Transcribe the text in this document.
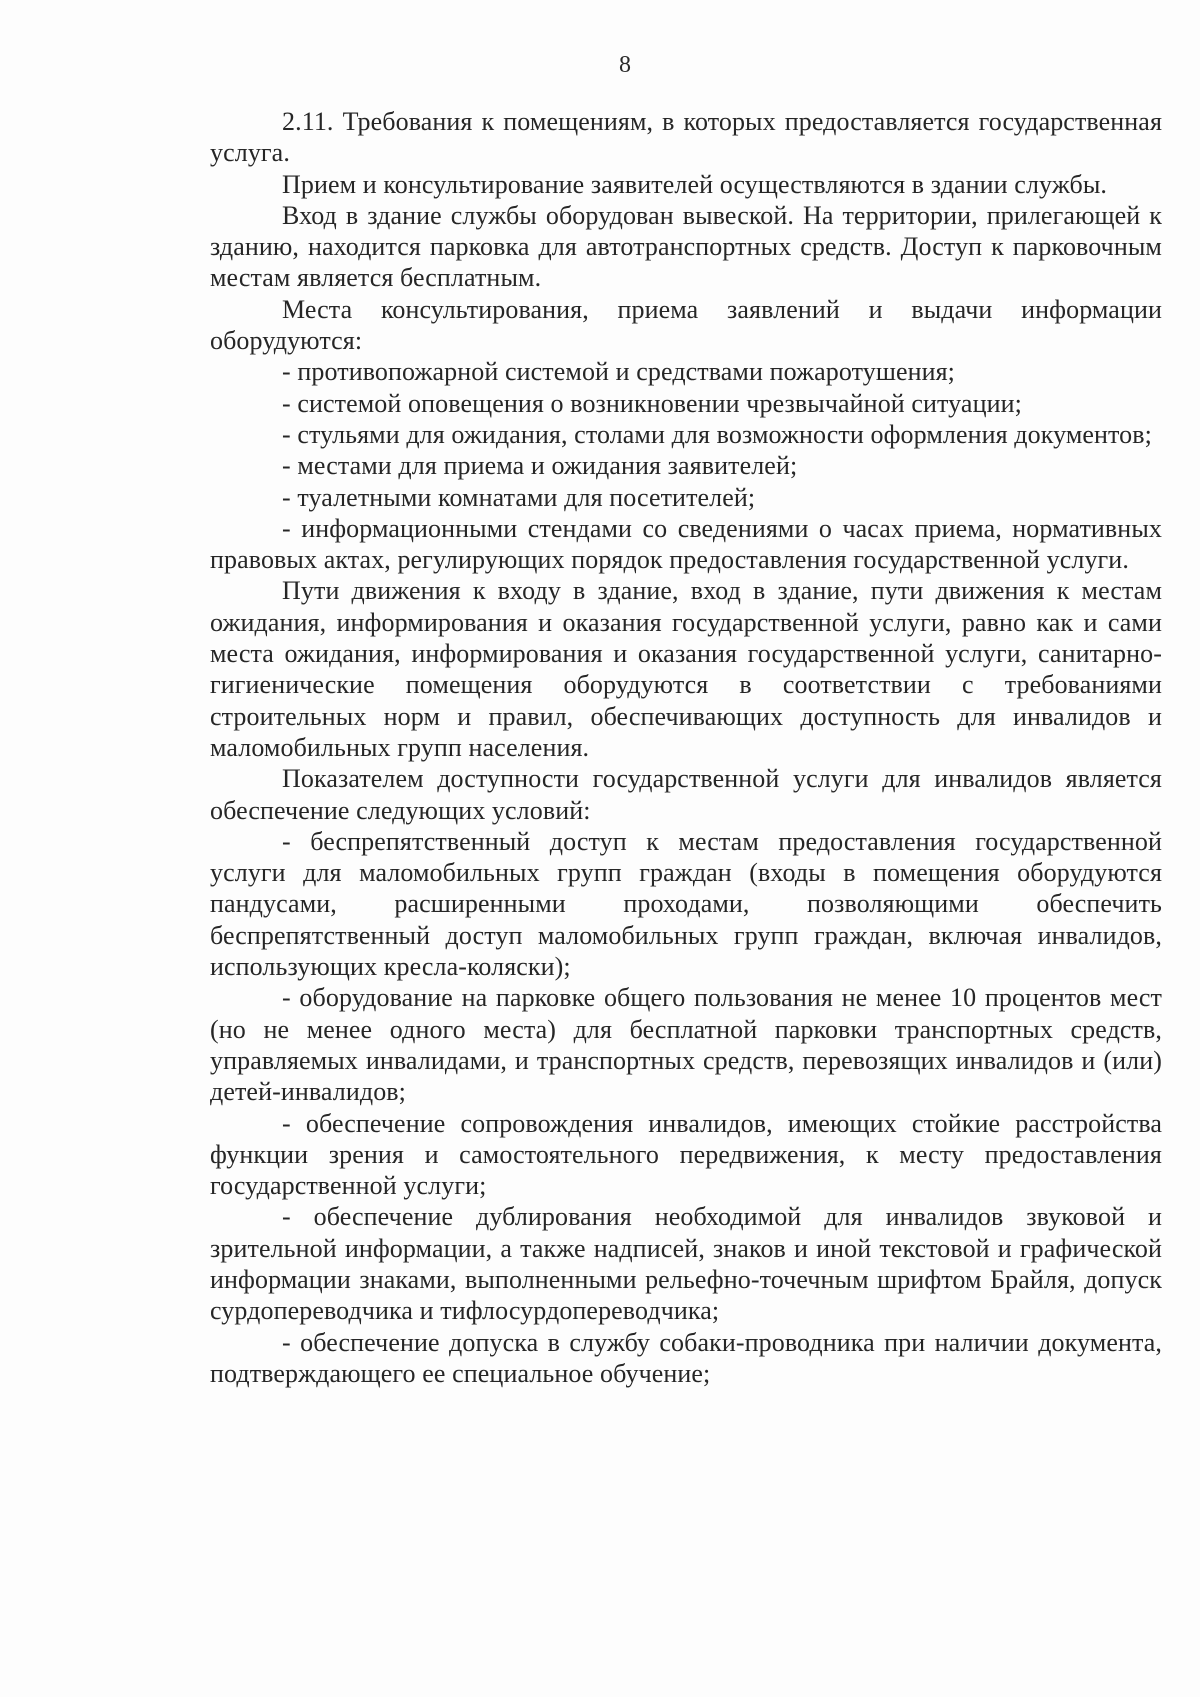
8

2.11. Требования к помещениям, в которых предоставляется государственная услуга.

Прием и консультирование заявителей осуществляются в здании службы.

Вход в здание службы оборудован вывеской. На территории, прилегающей к зданию, находится парковка для автотранспортных средств. Доступ к парковочным местам является бесплатным.

Места консультирования, приема заявлений и выдачи информации оборудуются:

- противопожарной системой и средствами пожаротушения;

- системой оповещения о возникновении чрезвычайной ситуации;

- стульями для ожидания, столами для возможности оформления документов;

- местами для приема и ожидания заявителей;

- туалетными комнатами для посетителей;

- информационными стендами со сведениями о часах приема, нормативных правовых актах, регулирующих порядок предоставления государственной услуги.

Пути движения к входу в здание, вход в здание, пути движения к местам ожидания, информирования и оказания государственной услуги, равно как и сами места ожидания, информирования и оказания государственной услуги, санитарно-гигиенические помещения оборудуются в соответствии с требованиями строительных норм и правил, обеспечивающих доступность для инвалидов и маломобильных групп населения.

Показателем доступности государственной услуги для инвалидов является обеспечение следующих условий:

- беспрепятственный доступ к местам предоставления государственной услуги для маломобильных групп граждан (входы в помещения оборудуются пандусами, расширенными проходами, позволяющими обеспечить беспрепятственный доступ маломобильных групп граждан, включая инвалидов, использующих кресла-коляски);

- оборудование на парковке общего пользования не менее 10 процентов мест (но не менее одного места) для бесплатной парковки транспортных средств, управляемых инвалидами, и транспортных средств, перевозящих инвалидов и (или) детей-инвалидов;

- обеспечение сопровождения инвалидов, имеющих стойкие расстройства функции зрения и самостоятельного передвижения, к месту предоставления государственной услуги;

- обеспечение дублирования необходимой для инвалидов звуковой и зрительной информации, а также надписей, знаков и иной текстовой и графической информации знаками, выполненными рельефно-точечным шрифтом Брайля, допуск сурдопереводчика и тифлосурдопереводчика;

- обеспечение допуска в службу собаки-проводника при наличии документа, подтверждающего ее специальное обучение;
